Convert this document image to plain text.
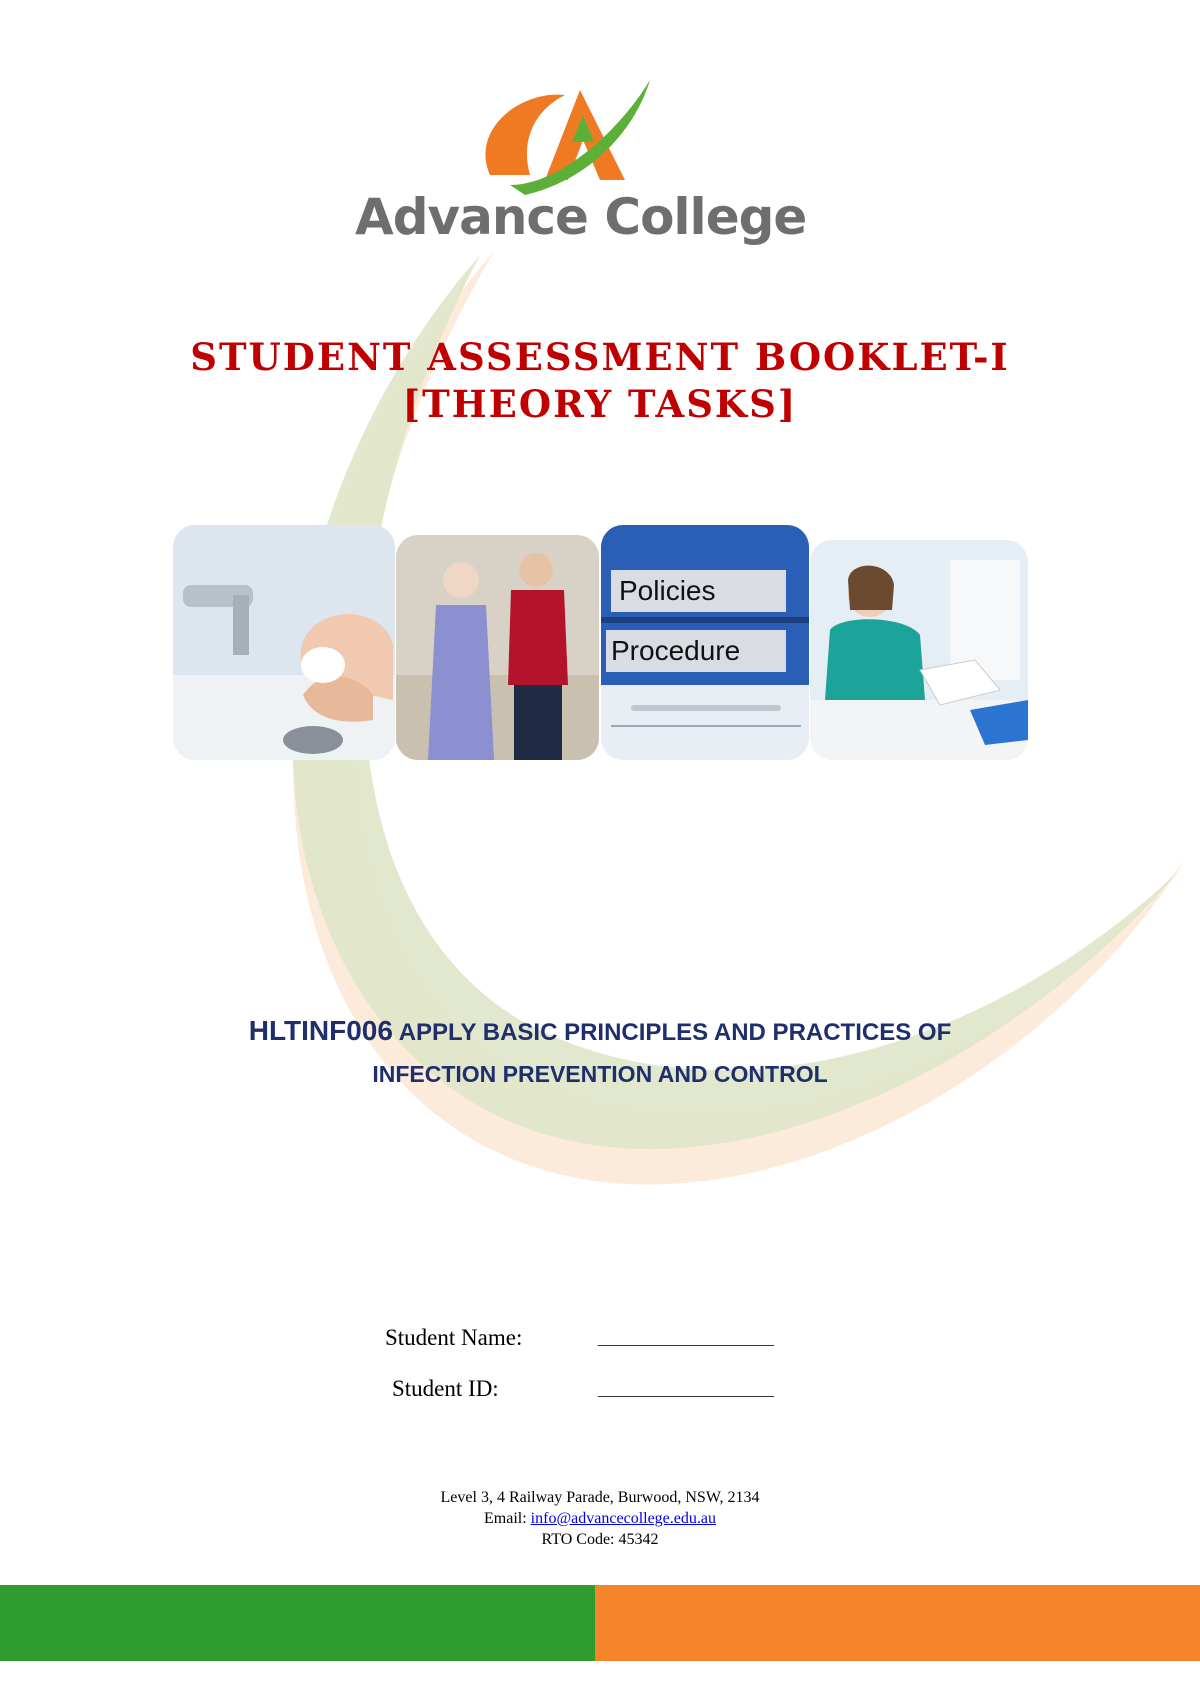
Advance College
STUDENT ASSESSMENT BOOKLET-I
[THEORY TASKS]
Policies
Procedure
HLTINF006 APPLY BASIC PRINCIPLES AND PRACTICES OF
INFECTION PREVENTION AND CONTROL
Student Name:	______________________
Student ID:	______________________
Level 3, 4 Railway Parade, Burwood, NSW, 2134
Email: info@advancecollege.edu.au
RTO Code: 45342
